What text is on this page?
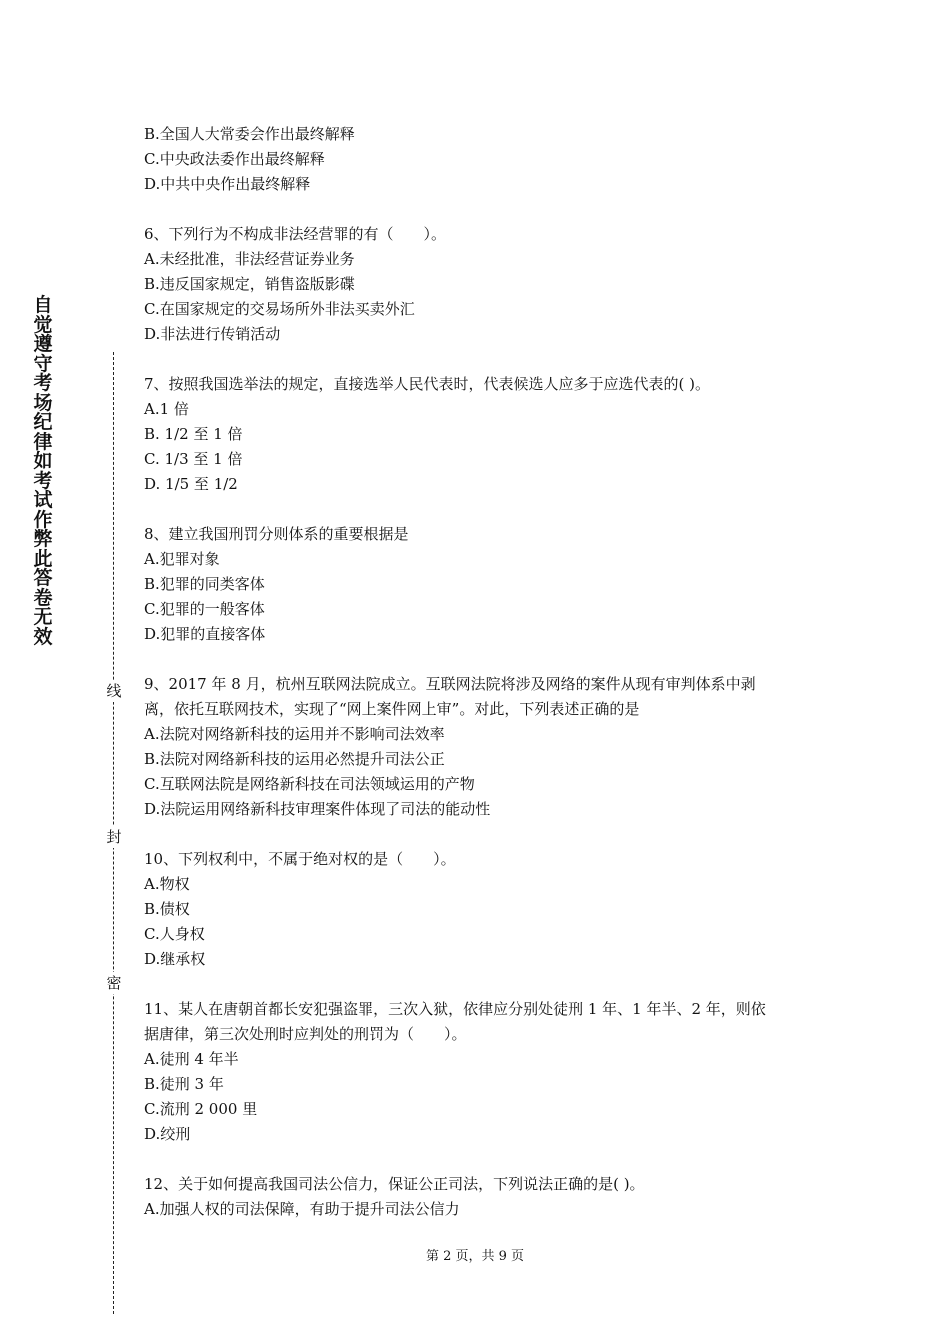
自觉遵守考场纪律如考试作弊此答卷无效
线
封
密
B.全国人大常委会作出最终解释
C.中央政法委作出最终解释
D.中共中央作出最终解释
6、下列行为不构成非法经营罪的有（　　）。
A.未经批准，非法经营证券业务
B.违反国家规定，销售盗版影碟
C.在国家规定的交易场所外非法买卖外汇
D.非法进行传销活动
7、按照我国选举法的规定，直接选举人民代表时，代表候选人应多于应选代表的( )。
A.1 倍
B. 1/2 至 1 倍
C. 1/3 至 1 倍
D. 1/5 至 1/2
8、建立我国刑罚分则体系的重要根据是
A.犯罪对象
B.犯罪的同类客体
C.犯罪的一般客体
D.犯罪的直接客体
9、2017 年 8 月，杭州互联网法院成立。互联网法院将涉及网络的案件从现有审判体系中剥
离，依托互联网技术，实现了“网上案件网上审”。对此，下列表述正确的是
A.法院对网络新科技的运用并不影响司法效率
B.法院对网络新科技的运用必然提升司法公正
C.互联网法院是网络新科技在司法领域运用的产物
D.法院运用网络新科技审理案件体现了司法的能动性
10、下列权利中，不属于绝对权的是（　　）。
A.物权
B.债权
C.人身权
D.继承权
11、某人在唐朝首都长安犯强盗罪，三次入狱，依律应分别处徒刑 1 年、1 年半、2 年，则依
据唐律，第三次处刑时应判处的刑罚为（　　）。
A.徒刑 4 年半
B.徒刑 3 年
C.流刑 2 000 里
D.绞刑
12、关于如何提高我国司法公信力，保证公正司法，下列说法正确的是( )。
A.加强人权的司法保障，有助于提升司法公信力
第 2 页，共 9 页
